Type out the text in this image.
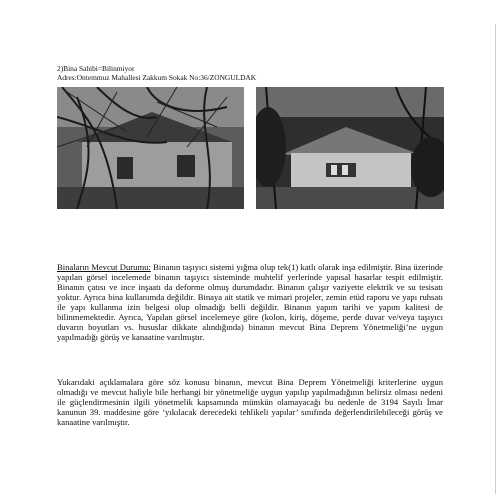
2)Bina Sahibi=Bilinmiyor
Adres:Ontemmuz Mahallesi Zakkum Sokak No:36/ZONGULDAK
Binaların Mevcut Durumu: Binanın taşıyıcı sistemi yığma olup tek(1) katlı olarak inşa edilmiştir. Bina üzerinde yapılan görsel incelemede binanın taşıyıcı sisteminde muhtelif yerlerinde yapısal hasarlar tespit edilmiştir. Binanın çatısı ve ince inşaatı da deforme olmuş durumdadır. Binanın çalışır vaziyette elektrik ve su tesisatı yoktur. Ayrıca bina kullanımda değildir. Binaya ait statik ve mimari projeler, zemin etüd raporu ve yapı ruhsatı ile yapı kullanma izin belgesi olup olmadığı belli değildir. Binanın yapım tarihi ve yapım kalitesi de bilinmemektedir. Ayrıca, Yapılan görsel incelemeye göre (kolon, kiriş, döşeme, perde duvar ve/veya taşıyıcı duvarın boyutları vs. hususlar dikkate alındığında) binanın mevcut Bina Deprem Yönetmeliği’ne uygun yapılmadığı görüş ve kanaatine varılmıştır.
Yukarıdaki açıklamalara göre söz konusu binanın, mevcut Bina Deprem Yönetmeliği kriterlerine uygun olmadığı ve mevcut haliyle bile herhangi bir yönetmeliğe uygun yapılıp yapılmadığının belirsiz olması nedeni ile güçlendirmesinin ilgili yönetmelik kapsamında mümkün olamayacağı bu nedenle de 3194 Sayılı İmar kanunun 39. maddesine göre ‘yıkılacak derecedeki tehlikeli yapılar’ sınıfında değerlendirilebileceği görüş ve kanaatine varılmıştır.
